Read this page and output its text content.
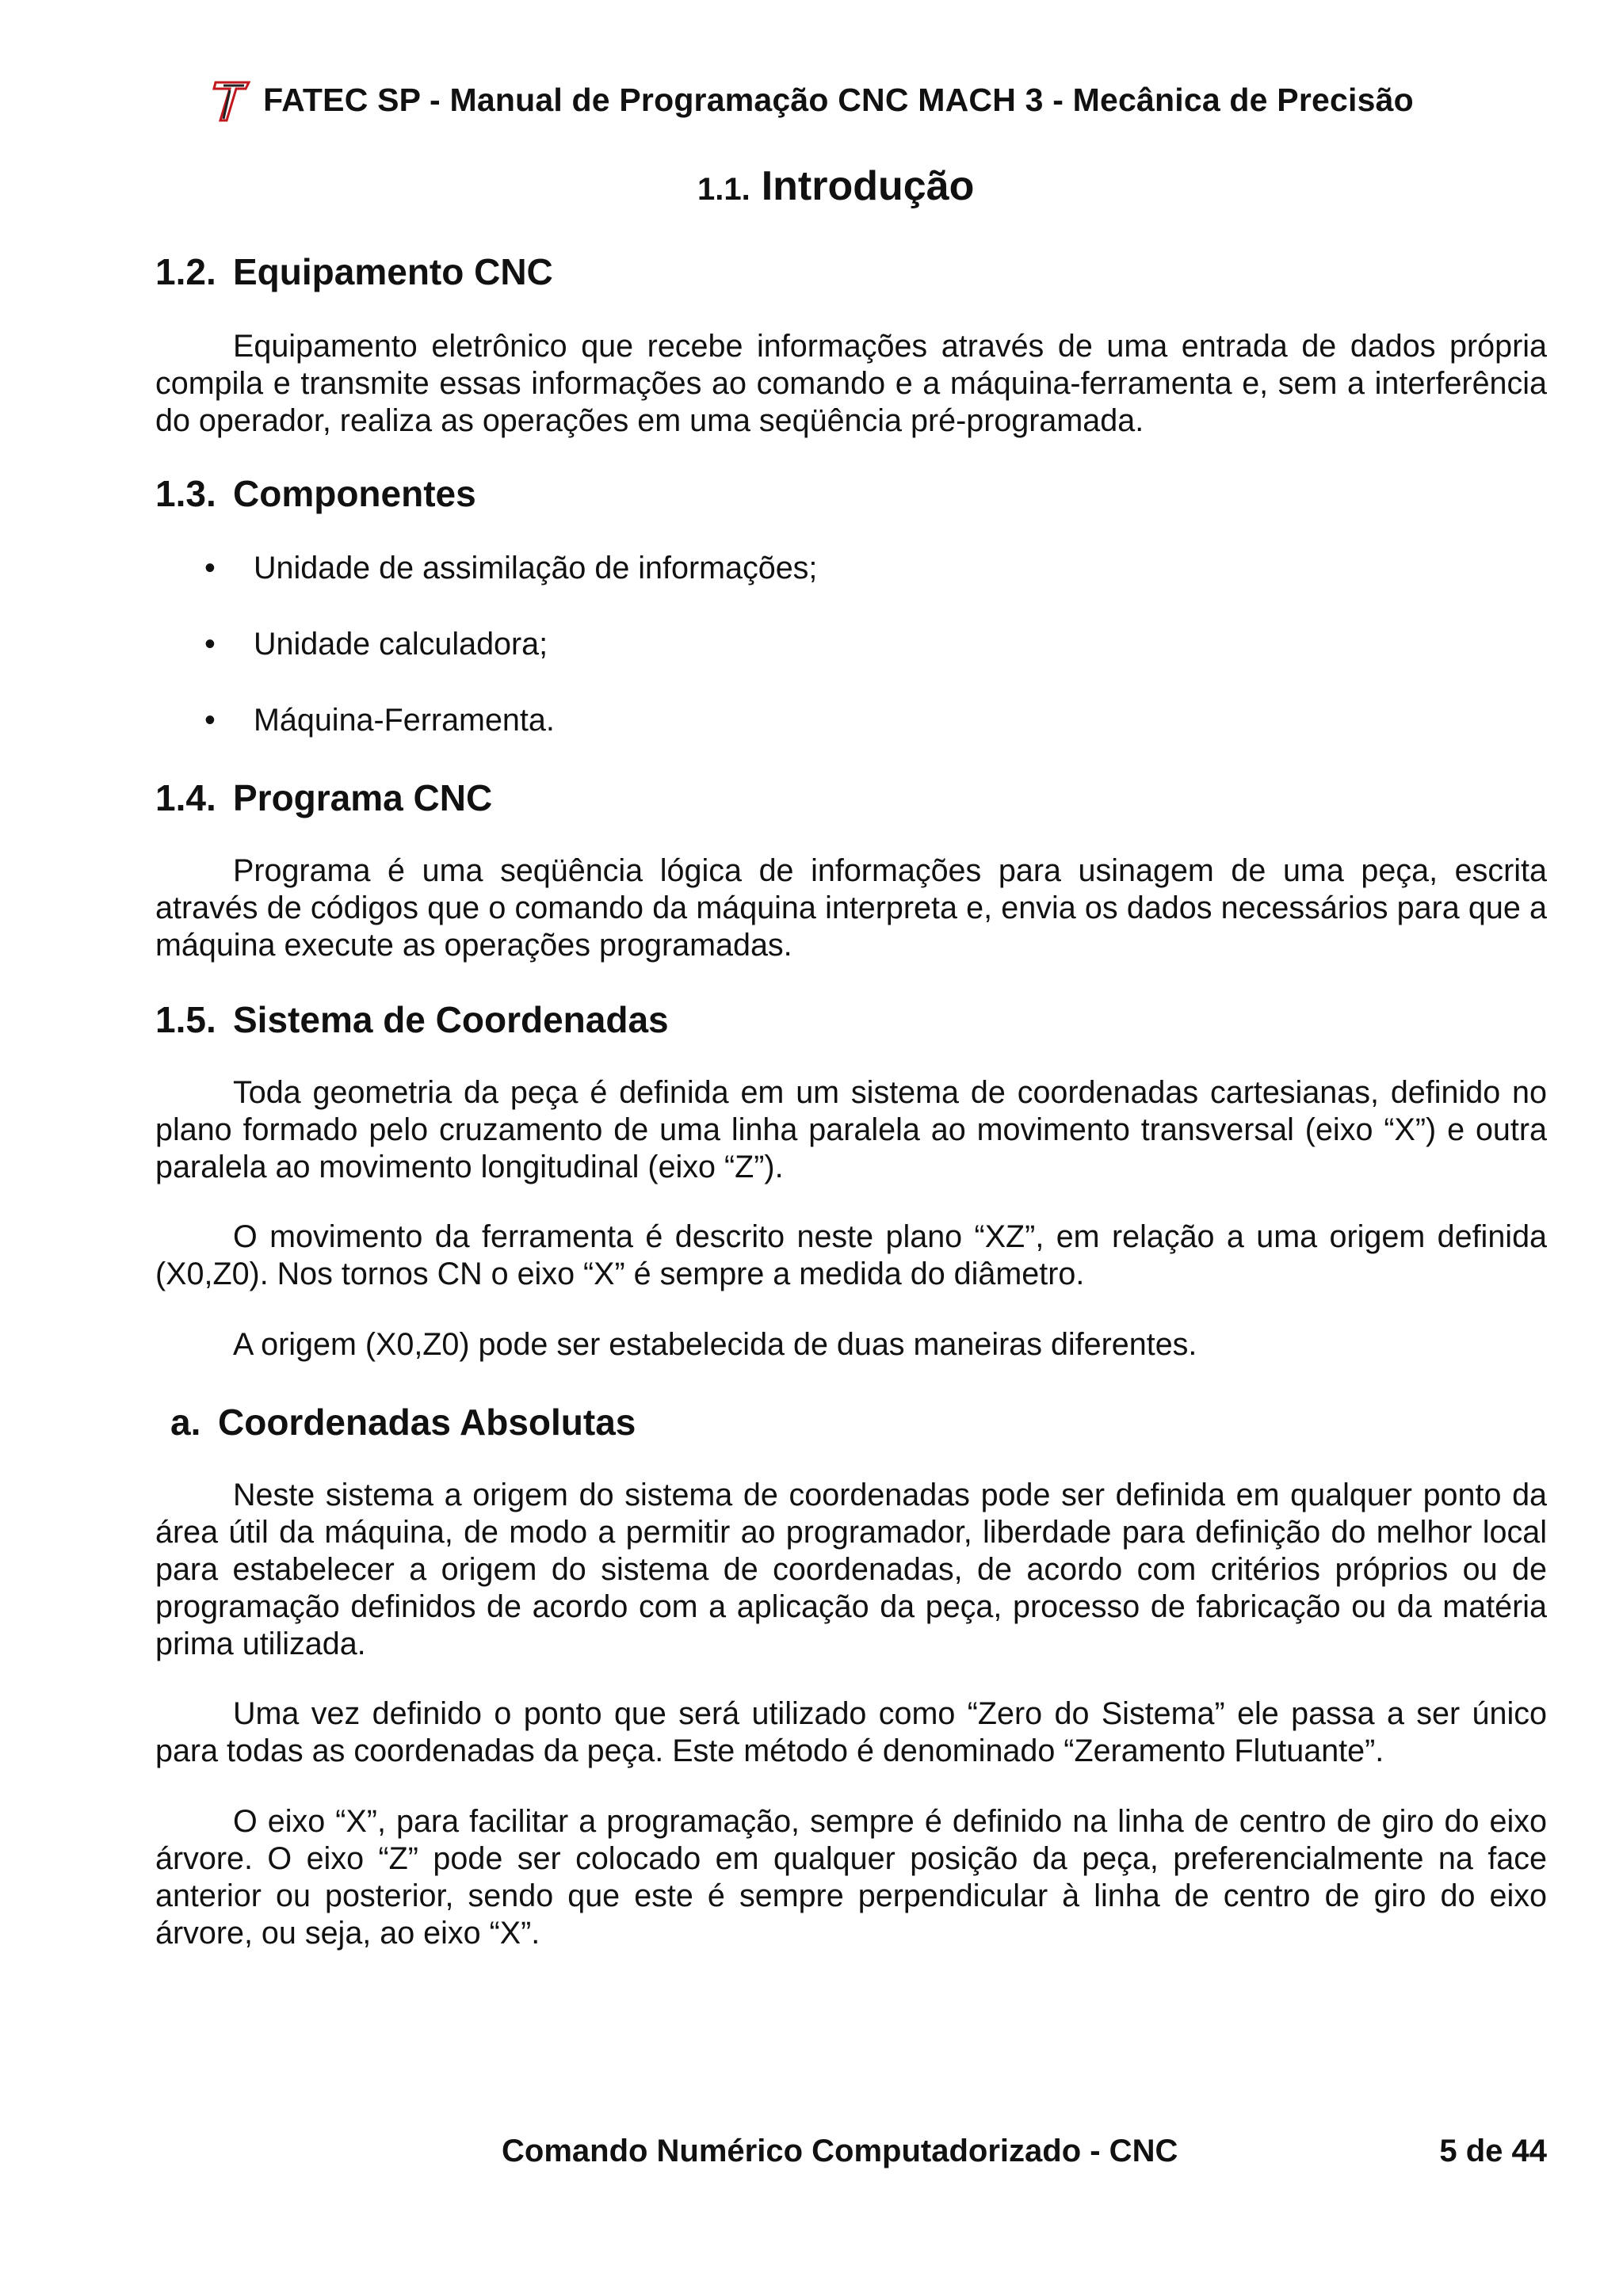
FATEC SP - Manual de Programação CNC MACH 3 - Mecânica de Precisão
1.1. Introdução
1.2. Equipamento CNC
Equipamento eletrônico que recebe informações através de uma entrada de dados própria compila e transmite essas informações ao comando e a máquina-ferramenta e, sem a interferência do operador, realiza as operações em uma seqüência pré-programada.
1.3. Componentes
• Unidade de assimilação de informações;
• Unidade calculadora;
• Máquina-Ferramenta.
1.4. Programa CNC
Programa é uma seqüência lógica de informações para usinagem de uma peça, escrita através de códigos que o comando da máquina interpreta e, envia os dados necessários para que a máquina execute as operações programadas.
1.5. Sistema de Coordenadas
Toda geometria da peça é definida em um sistema de coordenadas cartesianas, definido no plano formado pelo cruzamento de uma linha paralela ao movimento transversal (eixo “X”) e outra paralela ao movimento longitudinal (eixo “Z”).
O movimento da ferramenta é descrito neste plano “XZ”, em relação a uma origem definida (X0,Z0). Nos tornos CN o eixo “X” é sempre a medida do diâmetro.
A origem (X0,Z0) pode ser estabelecida de duas maneiras diferentes.
a. Coordenadas Absolutas
Neste sistema a origem do sistema de coordenadas pode ser definida em qualquer ponto da área útil da máquina, de modo a permitir ao programador, liberdade para definição do melhor local para estabelecer a origem do sistema de coordenadas, de acordo com critérios próprios ou de programação definidos de acordo com a aplicação da peça, processo de fabricação ou da matéria prima utilizada.
Uma vez definido o ponto que será utilizado como “Zero do Sistema” ele passa a ser único para todas as coordenadas da peça. Este método é denominado “Zeramento Flutuante”.
O eixo “X”, para facilitar a programação, sempre é definido na linha de centro de giro do eixo árvore. O eixo “Z” pode ser colocado em qualquer posição da peça, preferencialmente na face anterior ou posterior, sendo que este é sempre perpendicular à linha de centro de giro do eixo árvore, ou seja, ao eixo “X”.
Comando Numérico Computadorizado - CNC	5 de 44
